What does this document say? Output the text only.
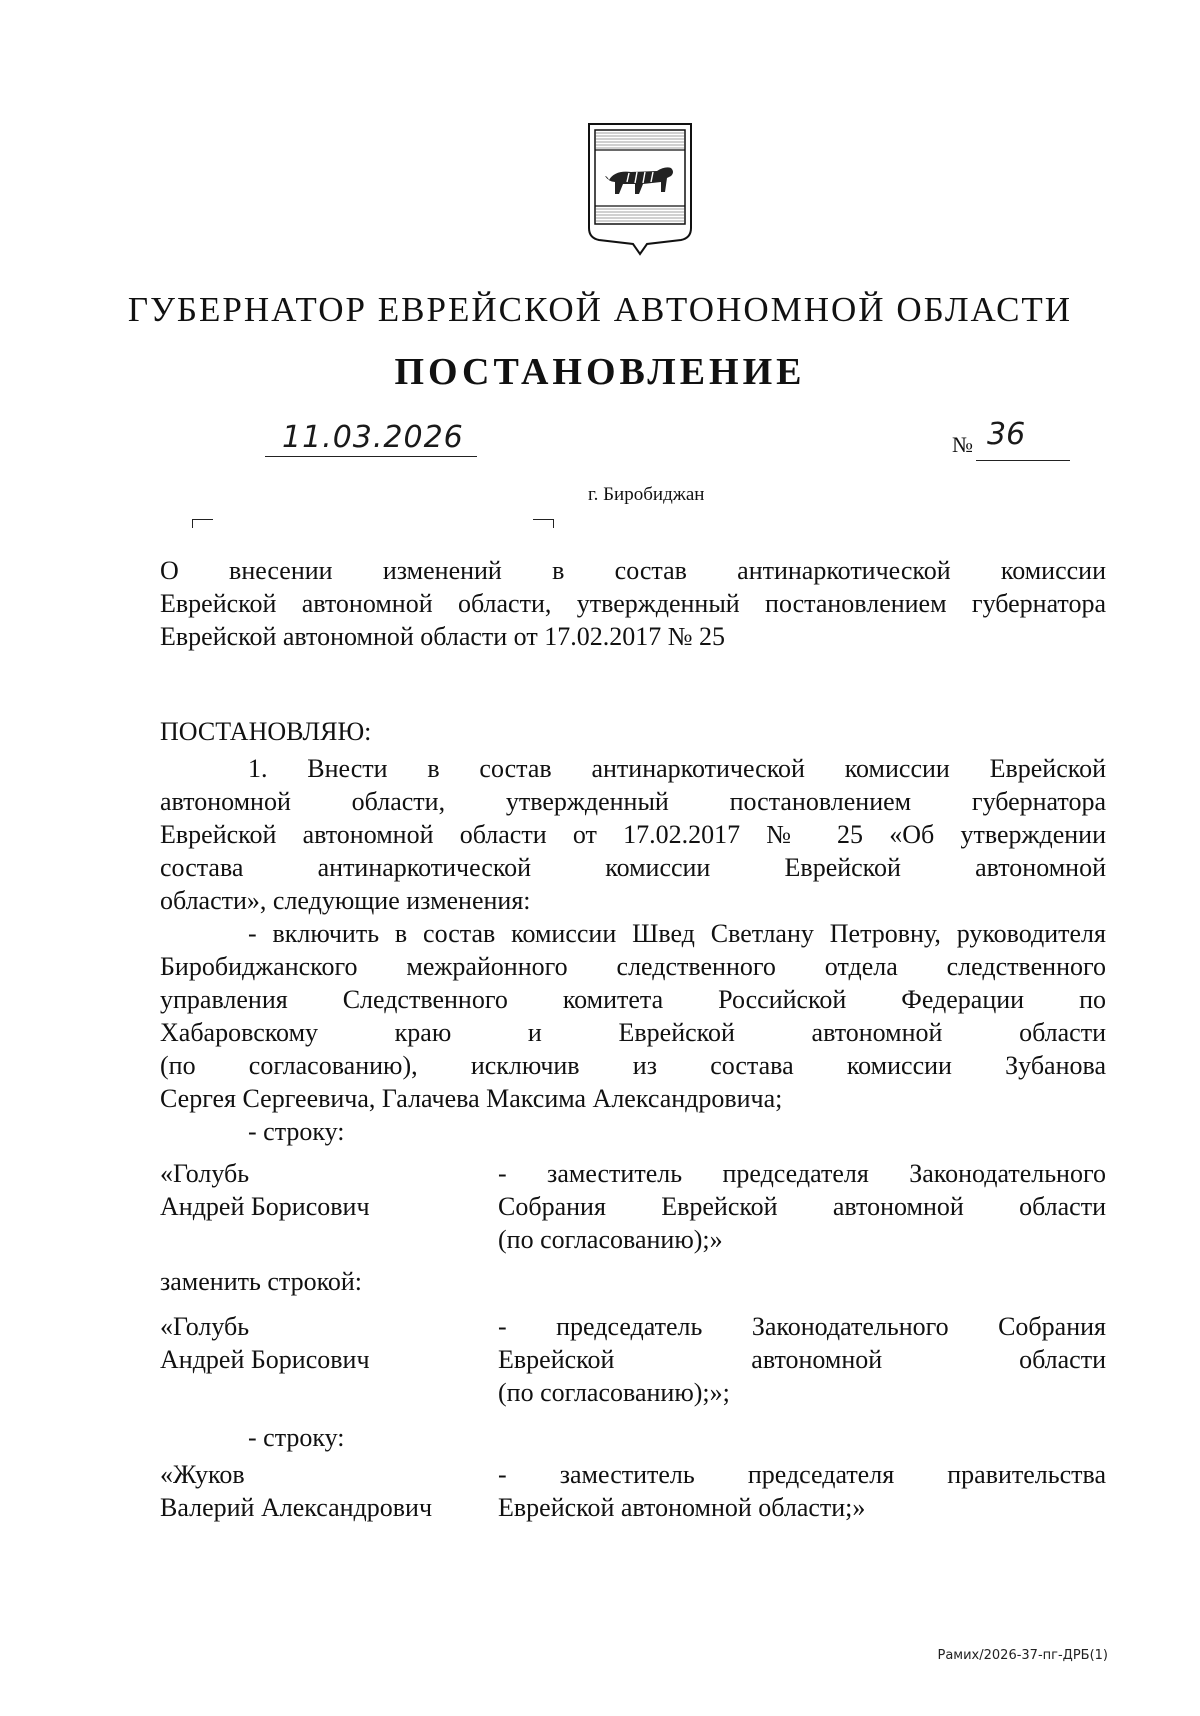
ГУБЕРНАТОР ЕВРЕЙСКОЙ АВТОНОМНОЙ ОБЛАСТИ
ПОСТАНОВЛЕНИЕ
11.03.2026	№ 36
г. Биробиджан
О внесении изменений в состав антинаркотической комиссии
Еврейской автономной области, утвержденный постановлением губернатора
Еврейской автономной области от 17.02.2017 № 25
ПОСТАНОВЛЯЮ:
1. Внести в состав антинаркотической комиссии Еврейской
автономной области, утвержденный постановлением губернатора
Еврейской автономной области от 17.02.2017 № 25 «Об утверждении
состава антинаркотической комиссии Еврейской автономной
области», следующие изменения:
- включить в состав комиссии Швед Светлану Петровну, руководителя
Биробиджанского межрайонного следственного отдела следственного
управления Следственного комитета Российской Федерации по
Хабаровскому краю и Еврейской автономной области
(по согласованию), исключив из состава комиссии Зубанова
Сергея Сергеевича, Галачева Максима Александровича;
- строку:
«Голубь
Андрей Борисович
- заместитель председателя Законодательного
Собрания Еврейской автономной области
(по согласованию);»
заменить строкой:
«Голубь
Андрей Борисович
- председатель Законодательного Собрания
Еврейской автономной области
(по согласованию);»;
- строку:
«Жуков
Валерий Александрович
- заместитель председателя правительства
Еврейской автономной области;»
Рамих/2026-37-пг-ДРБ(1)
